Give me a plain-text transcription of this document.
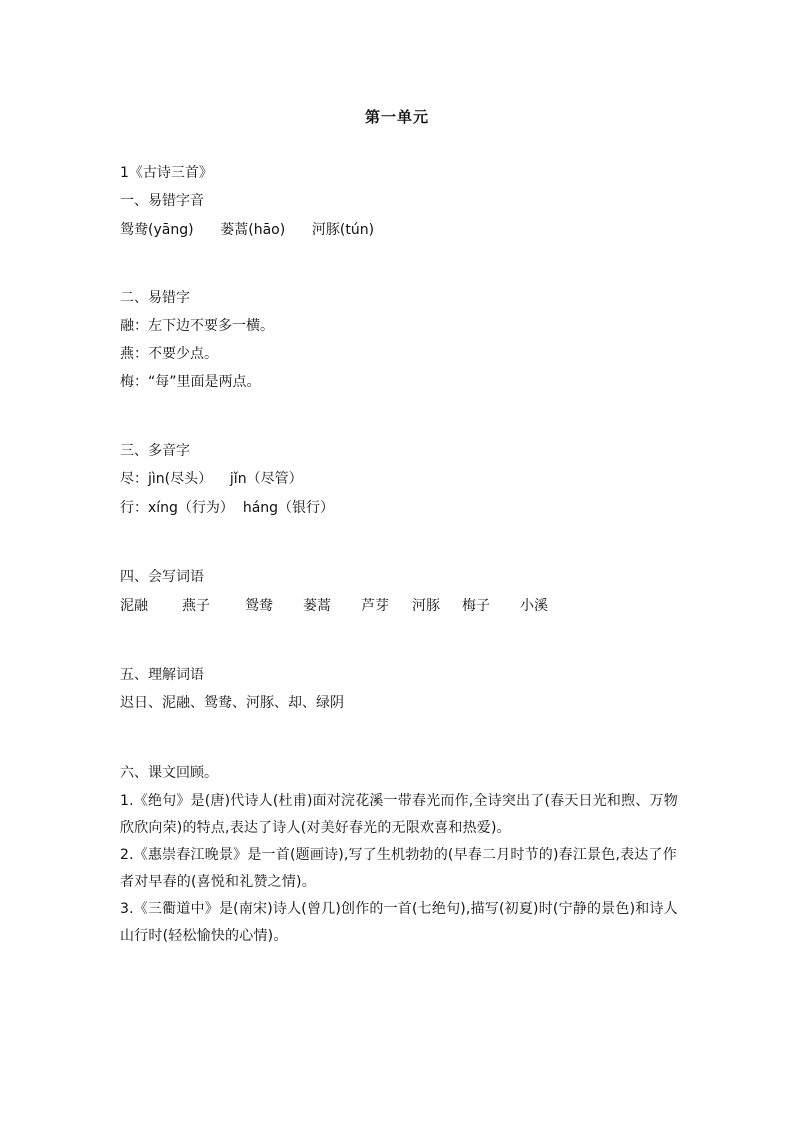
第一单元
1《古诗三首》
一、易错字音
鸳鸯(yāng)      蒌蒿(hāo)      河豚(tún)
二、易错字
融：左下边不要多一横。
燕：不要少点。
梅：“每”里面是两点。
三、多音字
尽：jìn(尽头）    jǐn（尽管）
行：xíng（行为）  háng（银行）
四、会写词语
泥融 燕子	鸳鸯 蒌蒿 芦芽 河豚 梅子 小溪
五、理解词语
迟日、泥融、鸳鸯、河豚、却、绿阴
六、课文回顾。
1.《绝句》是(唐)代诗人(杜甫)面对浣花溪一带春光而作,全诗突出了(春天日光和煦、万物欣欣向荣)的特点,表达了诗人(对美好春光的无限欢喜和热爱)。
2.《惠崇春江晚景》是一首(题画诗),写了生机勃勃的(早春二月时节的)春江景色,表达了作者对早春的(喜悦和礼赞之情)。
3.《三衢道中》是(南宋)诗人(曾几)创作的一首(七绝句),描写(初夏)时(宁静的景色)和诗人山行时(轻松愉快的心情)。
